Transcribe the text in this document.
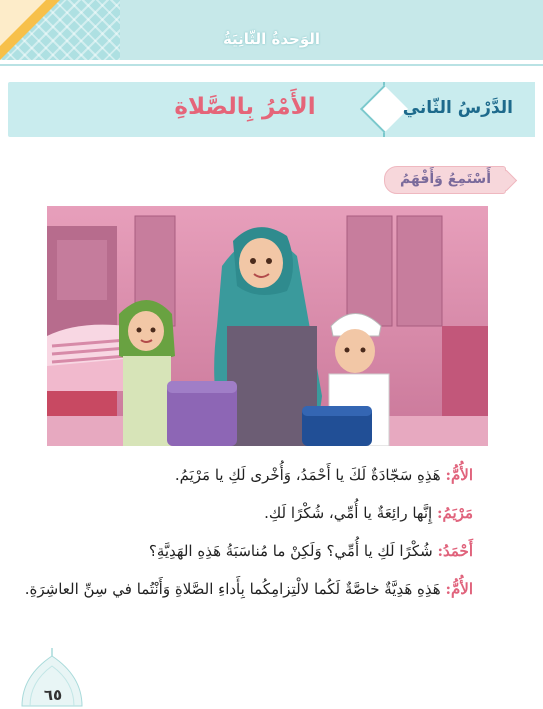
الوَحدةُ الثّانِيَةُ
الأَمْرُ بِالصَّلاةِ	الدَّرْسُ الثّاني
أَسْتَمِعُ وَأَفْهَمُ
الأُمُّ: هَذِهِ سَجّادَةٌ لَكَ يا أَحْمَدُ، وَأُخْرى لَكِ يا مَرْيَمُ.
مَرْيَمُ: إِنَّها رائِعَةٌ يا أُمِّي، شُكْرًا لَكِ.
أَحْمَدُ: شُكْرًا لَكِ يا أُمِّي؟ وَلَكِنْ ما مُناسَبَةُ هَذِهِ الهَدِيَّةِ؟
الأُمُّ: هَذِهِ هَدِيَّةٌ خاصَّةٌ لَكُما لالْتِزامِكُما بِأَداءِ الصَّلاةِ وَأَنْتُما في سِنِّ العاشِرَةِ.
٦٥
